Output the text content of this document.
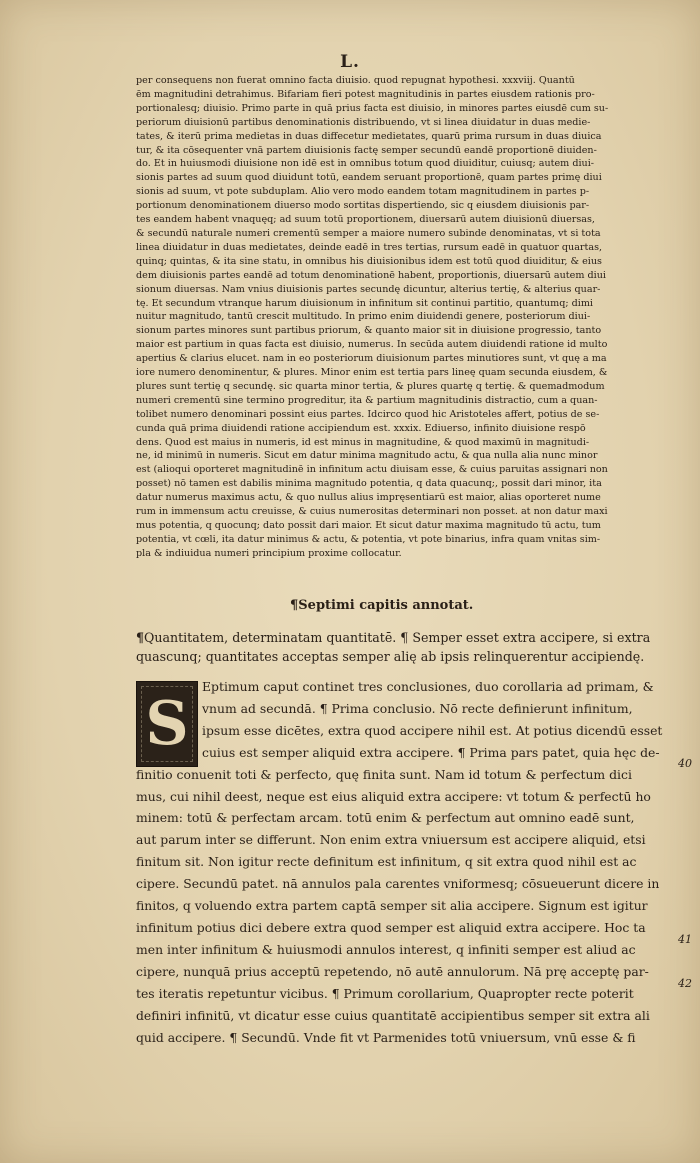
L.
per consequens non fuerat omnino facta diuisio. quod repugnat hypothesi. xxxviij. Quantū
ēm magnitudini detrahimus. Bifariam fieri potest magnitudinis in partes eiusdem rationis pro-
portionalesq; diuisio. Primo parte in quā prius facta est diuisio, in minores partes eiusdē cum su-
periorum diuisionū partibus denominationis distribuendo, vt si linea diuidatur in duas medie-
tates, & iterū prima medietas in duas diffecetur medietates, quarū prima rursum in duas diuica
tur, & ita cōsequenter vnā partem diuisionis factę semper secundū eandē proportionē diuiden-
do. Et in huiusmodi diuisione non idē est in omnibus totum quod diuiditur, cuiusq; autem diui-
sionis partes ad suum quod diuidunt totū, eandem seruant proportionē, quam partes primę diui
sionis ad suum, vt pote subduplam. Alio vero modo eandem totam magnitudinem in partes p-
portionum denominationem diuerso modo sortitas dispertiendo, sic q eiusdem diuisionis par-
tes eandem habent vnaquęq; ad suum totū proportionem, diuersarū autem diuisionū diuersas,
& secundū naturale numeri crementū semper a maiore numero subinde denominatas, vt si tota
linea diuidatur in duas medietates, deinde eadē in tres tertias, rursum eadē in quatuor quartas,
quinq; quintas, & ita sine statu, in omnibus his diuisionibus idem est totū quod diuiditur, & eius
dem diuisionis partes eandē ad totum denominationē habent, proportionis, diuersarū autem diui
sionum diuersas. Nam vnius diuisionis partes secundę dicuntur, alterius tertię, & alterius quar-
tę. Et secundum vtranque harum diuisionum in infinitum sit continui partitio, quantumq; dimi
nuitur magnitudo, tantū crescit multitudo. In primo enim diuidendi genere, posteriorum diui-
sionum partes minores sunt partibus priorum, & quanto maior sit in diuisione progressio, tanto
maior est partium in quas facta est diuisio, numerus. In secūda autem diuidendi ratione id multo
apertius & clarius elucet. nam in eo posteriorum diuisionum partes minutiores sunt, vt quę a ma
iore numero denominentur, & plures. Minor enim est tertia pars lineę quam secunda eiusdem, &
plures sunt tertię q secundę. sic quarta minor tertia, & plures quartę q tertię. & quemadmodum
numeri crementū sine termino progreditur, ita & partium magnitudinis distractio, cum a quan-
tolibet numero denominari possint eius partes. Idcirco quod hic Aristoteles affert, potius de se-
cunda quā prima diuidendi ratione accipiendum est. xxxix. Ediuerso, infinito diuisione respō
dens. Quod est maius in numeris, id est minus in magnitudine, & quod maximū in magnitudi-
ne, id minimū in numeris. Sicut em datur minima magnitudo actu, & qua nulla alia nunc minor
est (alioqui oporteret magnitudinē in infinitum actu diuisam esse, & cuius paruitas assignari non
posset) nō tamen est dabilis minima magnitudo potentia, q data quacunq;, possit dari minor, ita
datur numerus maximus actu, & quo nullus alius impręsentiarū est maior, alias oporteret nume
rum in immensum actu creuisse, & cuius numerositas determinari non posset. at non datur maxi
mus potentia, q quocunq; dato possit dari maior. Et sicut datur maxima magnitudo tū actu, tum
potentia, vt cœli, ita datur minimus & actu, & potentia, vt pote binarius, infra quam vnitas sim-
pla & indiuidua numeri principium proxime collocatur.
¶Septimi capitis annotat.
¶Quantitatem, determinatam quantitatē. ¶ Semper esset extra accipere, si extra
quascunq; quantitates acceptas semper alię ab ipsis relinquerentur accipiendę.
S
Eptimum caput continet tres conclusiones, duo corollaria ad primam, &
vnum ad secundā. ¶ Prima conclusio. Nō recte definierunt infinitum,
ipsum esse dicētes, extra quod accipere nihil est. At potius dicendū esset
cuius est semper aliquid extra accipere. ¶ Prima pars patet, quia hęc de-
finitio conuenit toti & perfecto, quę finita sunt. Nam id totum & perfectum dici
mus, cui nihil deest, neque est eius aliquid extra accipere: vt totum & perfectū ho
minem: totū & perfectam arcam. totū enim & perfectum aut omnino eadē sunt,
aut parum inter se differunt. Non enim extra vniuersum est accipere aliquid, etsi
finitum sit. Non igitur recte definitum est infinitum, q sit extra quod nihil est ac
cipere. Secundū patet. nā annulos pala carentes vniformesq; cōsueuerunt dicere in
finitos, q voluendo extra partem captā semper sit alia accipere. Signum est igitur
infinitum potius dici debere extra quod semper est aliquid extra accipere. Hoc ta
men inter infinitum & huiusmodi annulos interest, q infiniti semper est aliud ac
cipere, nunquā prius acceptū repetendo, nō autē annulorum. Nā prę acceptę par-
tes iteratis repetuntur vicibus. ¶ Primum corollarium, Quapropter recte poterit
definiri infinitū, vt dicatur esse cuius quantitatē accipientibus semper sit extra ali
quid accipere. ¶ Secundū. Vnde fit vt Parmenides totū vniuersum, vnū esse & fi
40
41
42
